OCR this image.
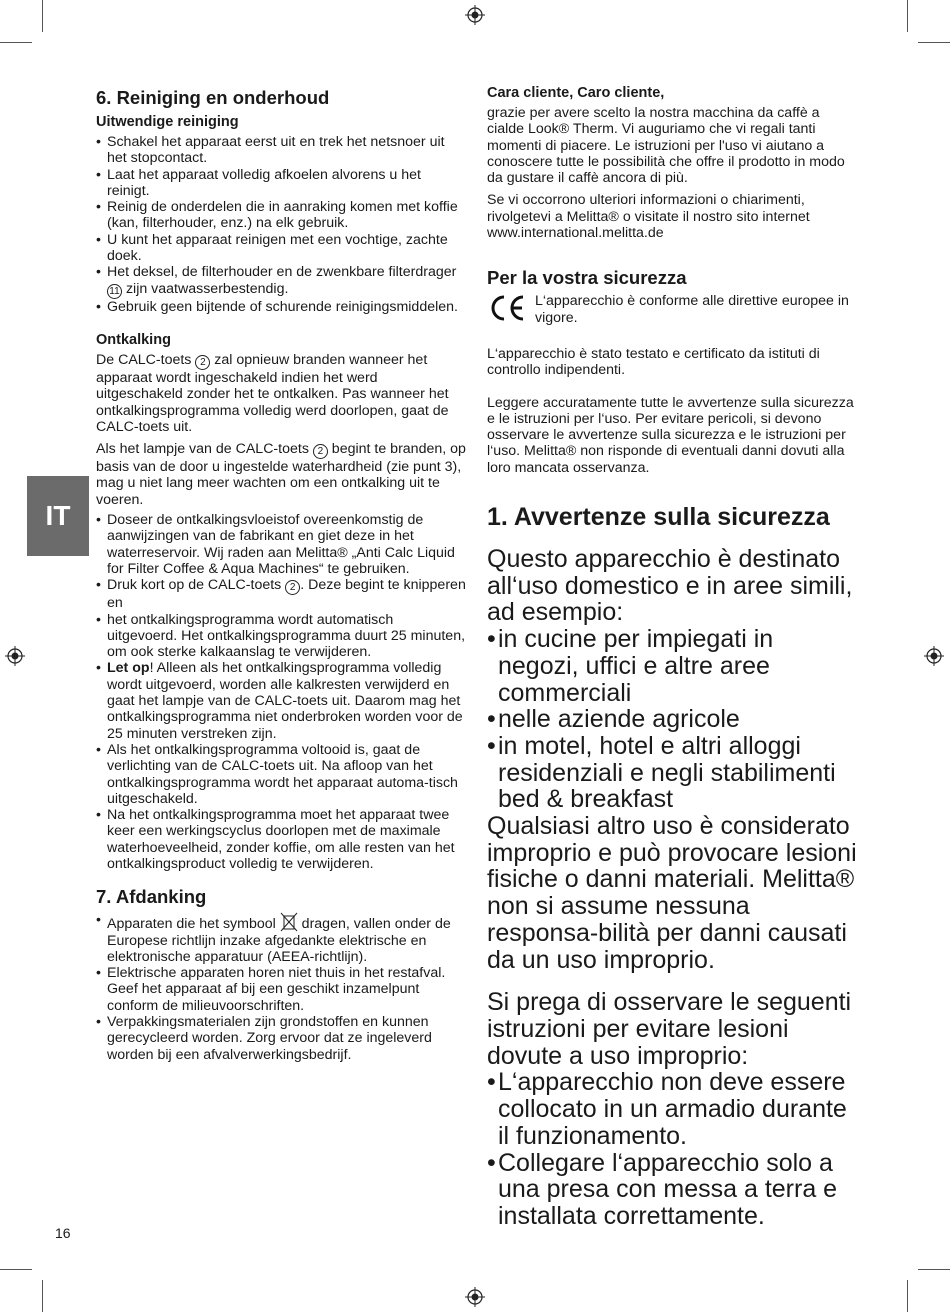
IT
6. Reiniging en onderhoud
Uitwendige reiniging
• Schakel het apparaat eerst uit en trek het netsnoer uit het stopcontact.
• Laat het apparaat volledig afkoelen alvorens u het reinigt.
• Reinig de onderdelen die in aanraking komen met koffie (kan, filterhouder, enz.) na elk gebruik.
• U kunt het apparaat reinigen met een vochtige, zachte doek.
• Het deksel, de filterhouder en de zwenkbare filterdrager 11 zijn vaatwasserbestendig.
• Gebruik geen bijtende of schurende reinigingsmiddelen.
Ontkalking

De CALC-toets 2 zal opnieuw branden wanneer het apparaat wordt ingeschakeld indien het werd uitgeschakeld zonder het te ontkalken. Pas wanneer het ontkalkingsprogramma volledig werd doorlopen, gaat de CALC-toets uit.

Als het lampje van de CALC-toets 2 begint te branden, op basis van de door u ingestelde waterhardheid (zie punt 3), mag u niet lang meer wachten om een ontkalking uit te voeren.

• Doseer de ontkalkingsvloeistof overeenkomstig de aanwijzingen van de fabrikant en giet deze in het waterreservoir. Wij raden aan Melitta® „Anti Calc Liquid for Filter Coffee & Aqua Machines“ te gebruiken.
• Druk kort op de CALC-toets 2 . Deze begint te knipperen en
• het ontkalkingsprogramma wordt automatisch uitgevoerd. Het ontkalkingsprogramma duurt 25 minuten, om ook sterke kalkaanslag te verwijderen.
• Let op! Alleen als het ontkalkingsprogramma volledig wordt uitgevoerd, worden alle kalkresten verwijderd en gaat het lampje van de CALC-toets uit. Daarom mag het ontkalkingsprogramma niet onderbroken worden voor de 25 minuten verstreken zijn.
• Als het ontkalkingsprogramma voltooid is, gaat de verlichting van de CALC-toets uit. Na afloop van het ontkalkingsprogramma wordt het apparaat automa-tisch uitgeschakeld.
• Na het ontkalkingsprogramma moet het apparaat twee keer een werkingscyclus doorlopen met de maximale waterhoeveelheid, zonder koffie, om alle resten van het ontkalkingsproduct volledig te verwijderen.
7. Afdanking
• Apparaten die het symbool  dragen, vallen onder de Europese richtlijn inzake afgedankte elektrische en elektronische apparatuur (AEEA-richtlijn).
• Elektrische apparaten horen niet thuis in het restafval. Geef het apparaat af bij een geschikt inzamelpunt conform de milieuvoorschriften.
• Verpakkingsmaterialen zijn grondstoffen en kunnen gerecycleerd worden. Zorg ervoor dat ze ingeleverd worden bij een afvalverwerkingsbedrijf.
Cara cliente, Caro cliente,

grazie per avere scelto la nostra macchina da caffè a cialde Look® Therm. Vi auguriamo che vi regali tanti momenti di piacere. Le istruzioni per l'uso vi aiutano a conoscere tutte le possibilità che offre il prodotto in modo da gustare il caffè ancora di più.

Se vi occorrono ulteriori informazioni o chiarimenti, rivolgetevi a Melitta® o visitate il nostro sito internet www.international.melitta.de

Per la vostra sicurezza

L‘apparecchio è conforme alle direttive europee in vigore.

L‘apparecchio è stato testato e certificato da istituti di controllo indipendenti.

Leggere accuratamente tutte le avvertenze sulla sicurezza e le istruzioni per l‘uso. Per evitare pericoli, si devono osservare le avvertenze sulla sicurezza e le istruzioni per l‘uso. Melitta® non risponde di eventuali danni dovuti alla loro mancata osservanza.

1. Avvertenze sulla sicurezza

Questo apparecchio è destinato all‘uso domestico e in aree simili, ad esempio:

• in cucine per impiegati in negozi, uffici e altre aree commerciali
• nelle aziende agricole
• in motel, hotel e altri alloggi residenziali e negli stabilimenti bed & breakfast

Qualsiasi altro uso è considerato improprio e può provocare lesioni fisiche o danni materiali. Melitta® non si assume nessuna responsa-bilità per danni causati da un uso improprio.

Si prega di osservare le seguenti istruzioni per evitare lesioni dovute a uso improprio:

• L‘apparecchio non deve essere collocato in un armadio durante il funzionamento.
• Collegare l‘apparecchio solo a una presa con messa a terra e installata correttamente.
16
